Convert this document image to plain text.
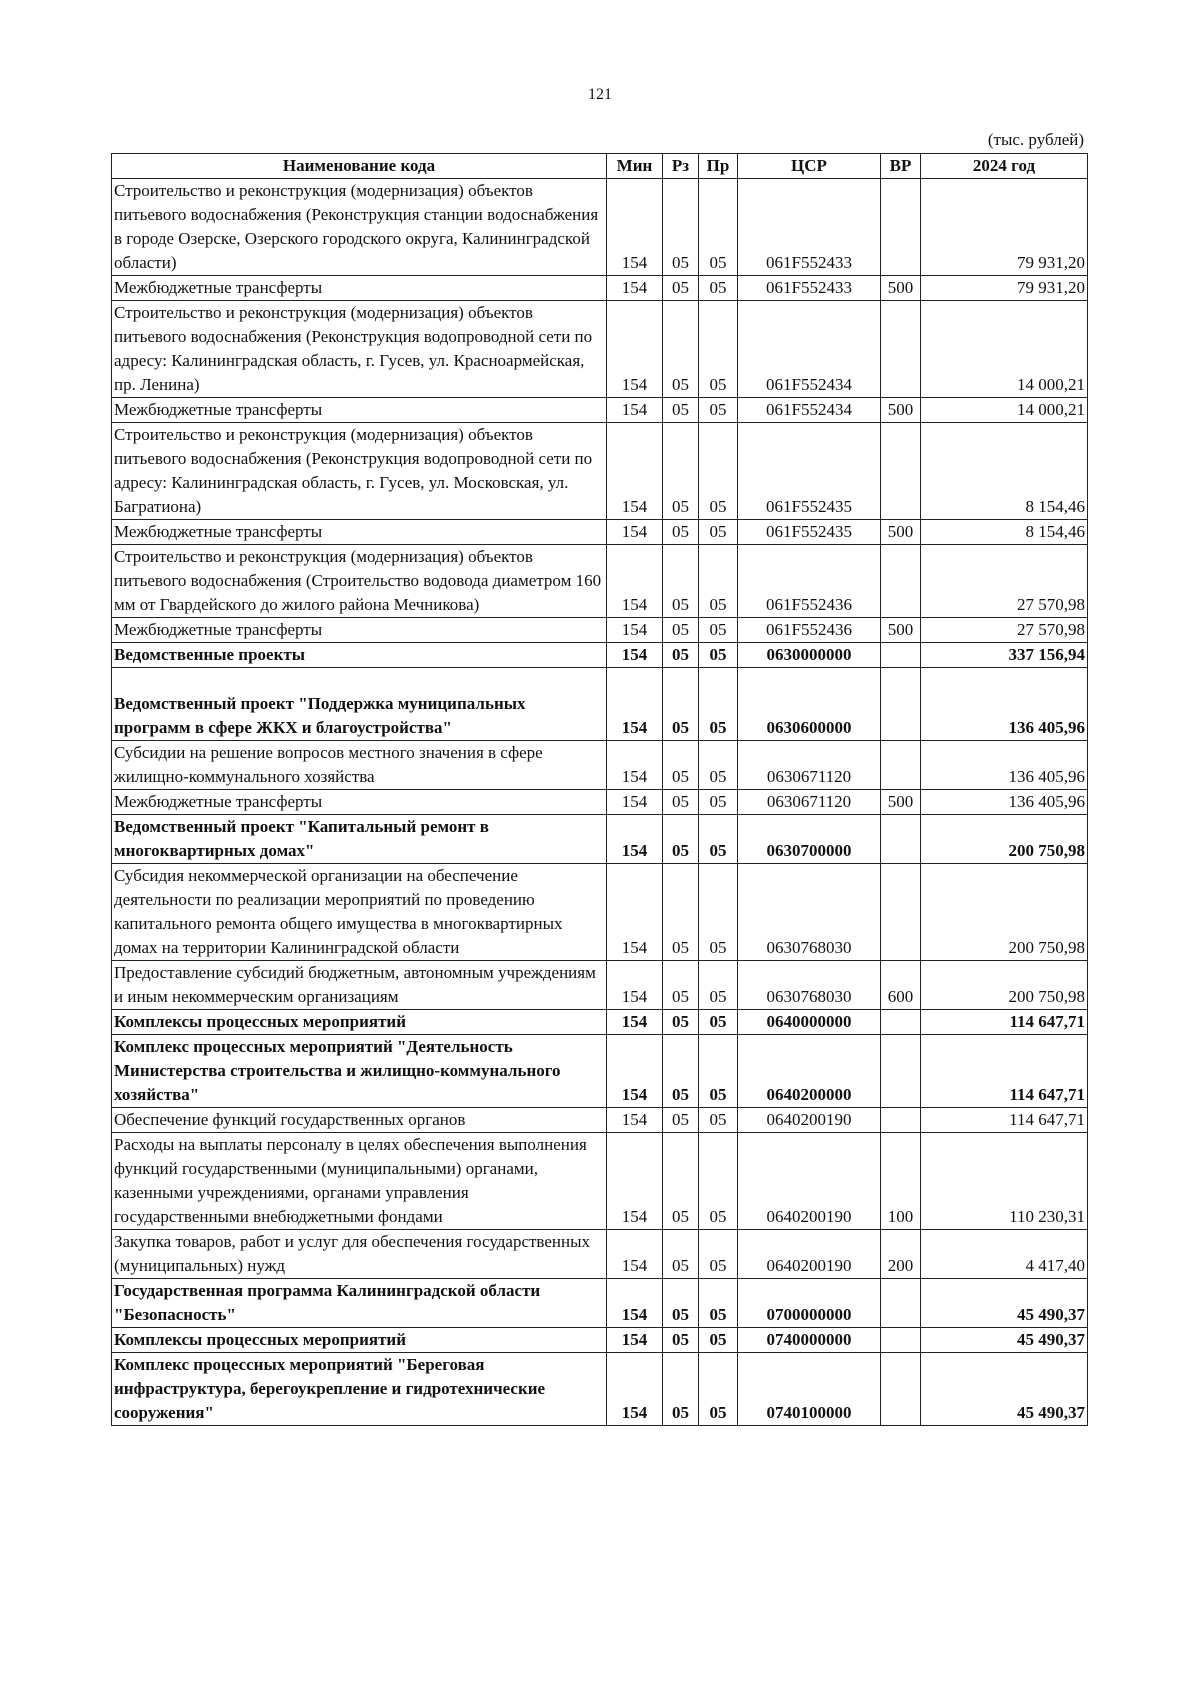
121
(тыс. рублей)
Наименование кода	Мин	Рз	Пр	ЦСР	ВР	2024 год
Строительство и реконструкция (модернизация) объектов питьевого водоснабжения (Реконструкция станции водоснабжения в городе Озерске, Озерского городского округа, Калининградской области)	154	05	05	061F552433		79 931,20
Межбюджетные трансферты	154	05	05	061F552433	500	79 931,20
Строительство и реконструкция (модернизация) объектов питьевого водоснабжения (Реконструкция водопроводной сети по адресу: Калининградская область, г. Гусев, ул. Красноармейская, пр. Ленина)	154	05	05	061F552434		14 000,21
Межбюджетные трансферты	154	05	05	061F552434	500	14 000,21
Строительство и реконструкция (модернизация) объектов питьевого водоснабжения (Реконструкция водопроводной сети по адресу: Калининградская область, г. Гусев, ул. Московская, ул. Багратиона)	154	05	05	061F552435		8 154,46
Межбюджетные трансферты	154	05	05	061F552435	500	8 154,46
Строительство и реконструкция (модернизация) объектов питьевого водоснабжения (Строительство водовода диаметром 160 мм от Гвардейского до жилого района Мечникова)	154	05	05	061F552436		27 570,98
Межбюджетные трансферты	154	05	05	061F552436	500	27 570,98
Ведомственные проекты	154	05	05	0630000000		337 156,94
Ведомственный проект "Поддержка муниципальных программ в сфере ЖКХ и благоустройства"	154	05	05	0630600000		136 405,96
Субсидии на решение вопросов местного значения в сфере жилищно-коммунального хозяйства	154	05	05	0630671120		136 405,96
Межбюджетные трансферты	154	05	05	0630671120	500	136 405,96
Ведомственный проект "Капитальный ремонт в многоквартирных домах"	154	05	05	0630700000		200 750,98
Субсидия некоммерческой организации на обеспечение деятельности по реализации мероприятий по проведению капитального ремонта общего имущества в многоквартирных домах на территории Калининградской области	154	05	05	0630768030		200 750,98
Предоставление субсидий бюджетным, автономным учреждениям и иным некоммерческим организациям	154	05	05	0630768030	600	200 750,98
Комплексы процессных мероприятий	154	05	05	0640000000		114 647,71
Комплекс процессных мероприятий "Деятельность Министерства строительства и жилищно-коммунального хозяйства"	154	05	05	0640200000		114 647,71
Обеспечение функций государственных органов	154	05	05	0640200190		114 647,71
Расходы на выплаты персоналу в целях обеспечения выполнения функций государственными (муниципальными) органами, казенными учреждениями, органами управления государственными внебюджетными фондами	154	05	05	0640200190	100	110 230,31
Закупка товаров, работ и услуг для обеспечения государственных (муниципальных) нужд	154	05	05	0640200190	200	4 417,40
Государственная программа Калининградской области "Безопасность"	154	05	05	0700000000		45 490,37
Комплексы процессных мероприятий	154	05	05	0740000000		45 490,37
Комплекс процессных мероприятий "Береговая инфраструктура, берегоукрепление и гидротехнические сооружения"	154	05	05	0740100000		45 490,37
